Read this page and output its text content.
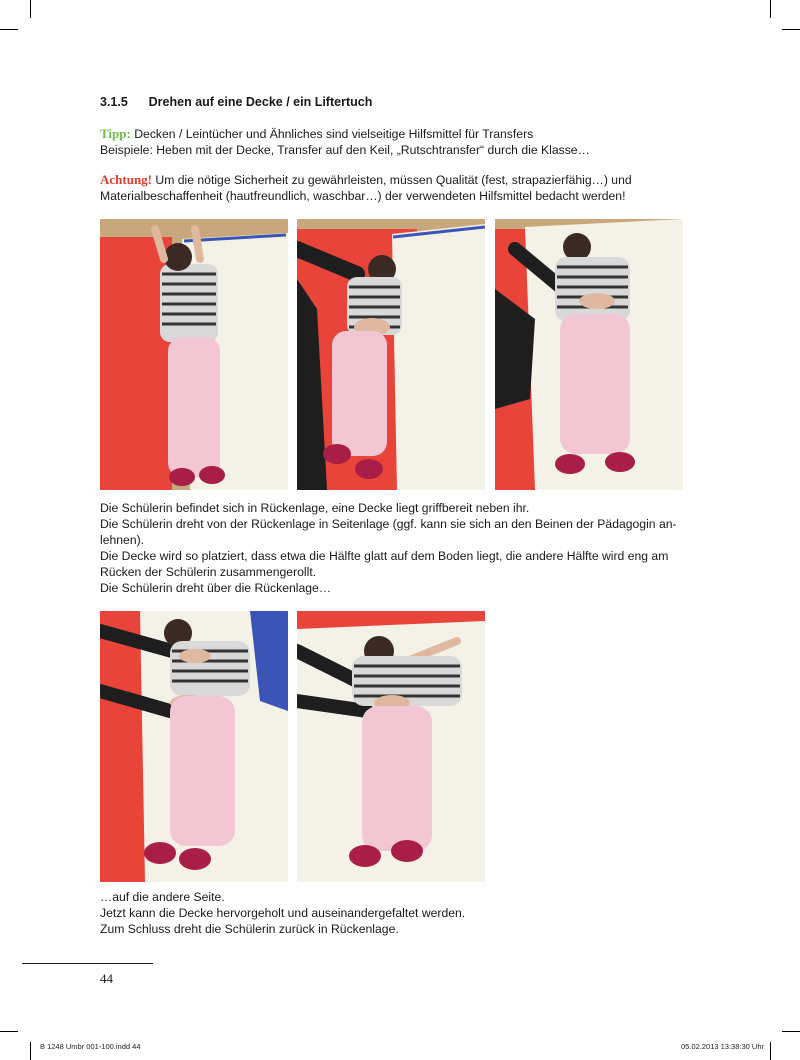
3.1.5 Drehen auf eine Decke / ein Liftertuch
Tipp: Decken / Leintücher und Ähnliches sind vielseitige Hilfsmittel für Transfers
Beispiele: Heben mit der Decke, Transfer auf den Keil, „Rutschtransfer“ durch die Klasse…
Achtung! Um die nötige Sicherheit zu gewährleisten, müssen Qualität (fest, strapazierfähig…) und
Materialbeschaffenheit (hautfreundlich, waschbar…) der verwendeten Hilfsmittel bedacht werden!
Die Schülerin befindet sich in Rückenlage, eine Decke liegt griffbereit neben ihr.
Die Schülerin dreht von der Rückenlage in Seitenlage (ggf. kann sie sich an den Beinen der Pädagogin an-
lehnen).
Die Decke wird so platziert, dass etwa die Hälfte glatt auf dem Boden liegt, die andere Hälfte wird eng am
Rücken der Schülerin zusammengerollt.
Die Schülerin dreht über die Rückenlage…
…auf die andere Seite.
Jetzt kann die Decke hervorgeholt und auseinandergefaltet werden.
Zum Schluss dreht die Schülerin zurück in Rückenlage.
44
B 1248 Umbr 001-100.indd 44	05.02.2013 13:38:30 Uhr
